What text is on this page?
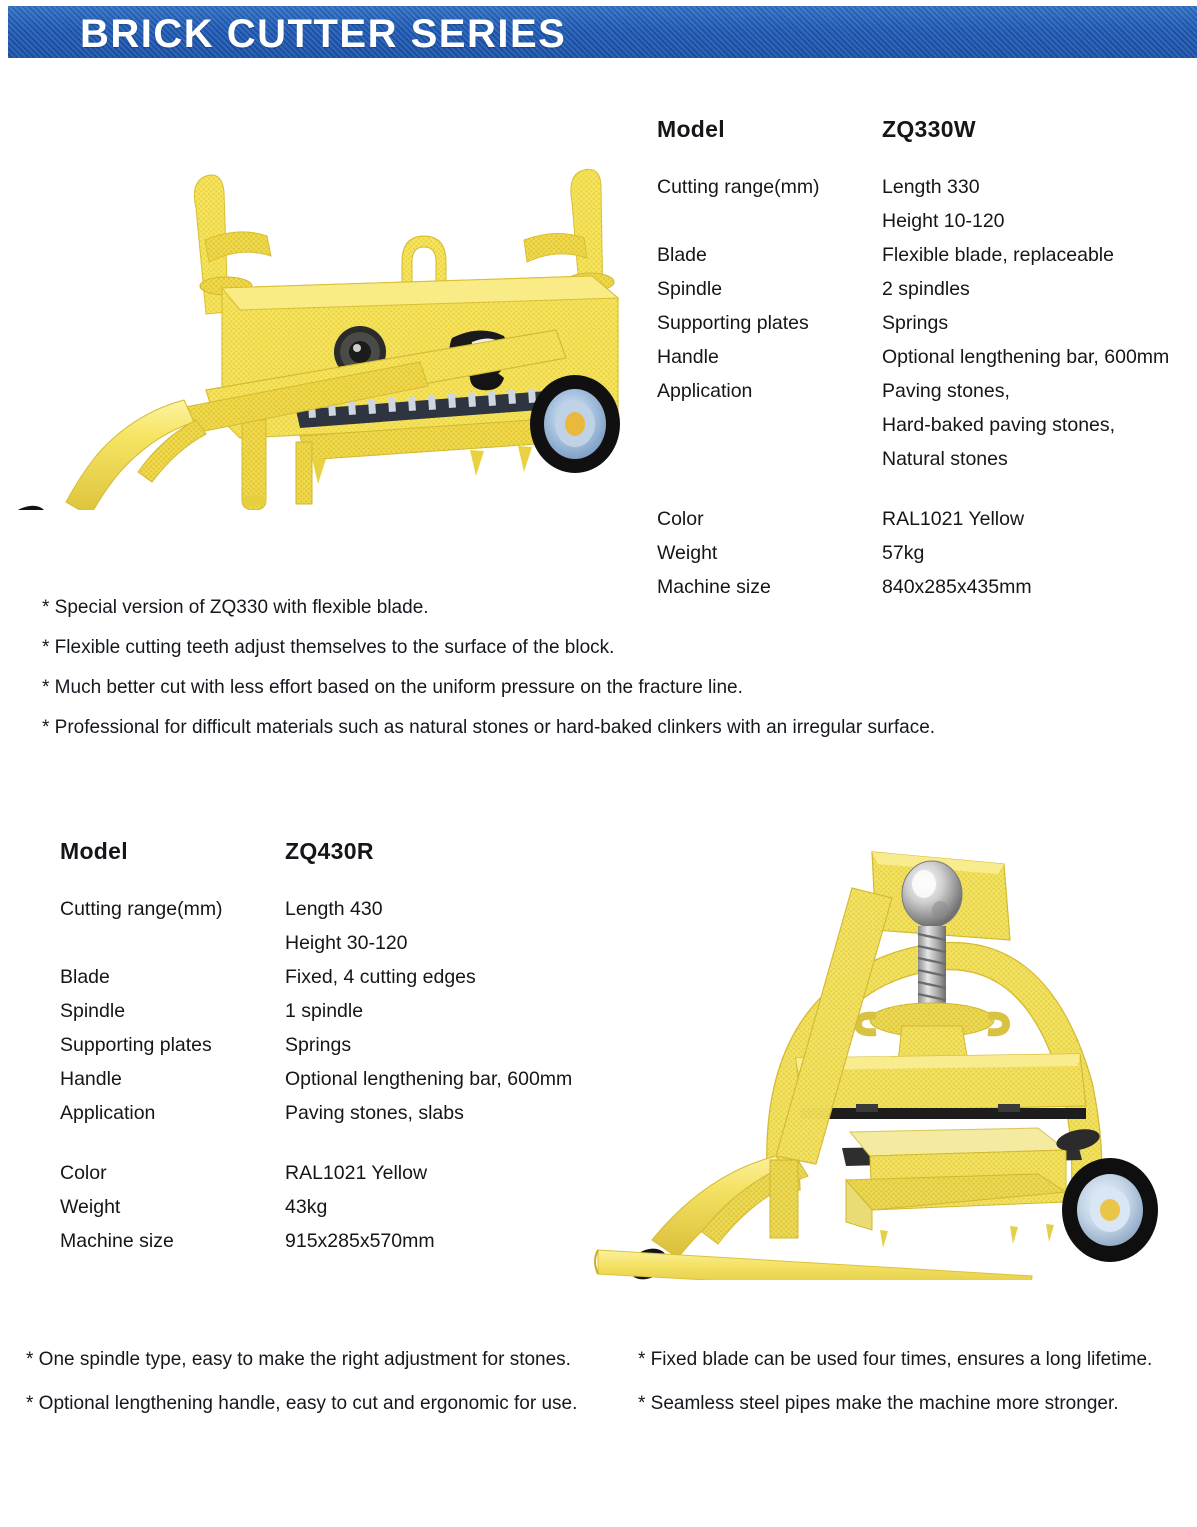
BRICK CUTTER SERIES
Model	ZQ330W
Cutting range(mm)	Length 330
Height 10-120
Blade	Flexible blade, replaceable
Spindle	2 spindles
Supporting plates	Springs
Handle	Optional lengthening bar, 600mm
Application	Paving stones,
Hard-baked paving stones,
Natural stones
Color	RAL1021 Yellow
Weight	57kg
Machine size	840x285x435mm
* Special version of ZQ330 with flexible blade.
* Flexible cutting teeth adjust themselves to the surface of the block.
* Much better cut with less effort based on the uniform pressure on the fracture line.
* Professional for difficult materials such as natural stones or hard-baked clinkers with an irregular surface.
Model	ZQ430R
Cutting range(mm)	Length 430
Height 30-120
Blade	Fixed, 4 cutting edges
Spindle	1 spindle
Supporting plates	Springs
Handle	Optional lengthening bar, 600mm
Application	Paving stones, slabs
Color	RAL1021 Yellow
Weight	43kg
Machine size	915x285x570mm
* One spindle type, easy to make the right adjustment for stones.
* Optional lengthening handle, easy to cut and ergonomic for use.
* Fixed blade can be used four times, ensures a long lifetime.
* Seamless steel pipes make the machine more stronger.
